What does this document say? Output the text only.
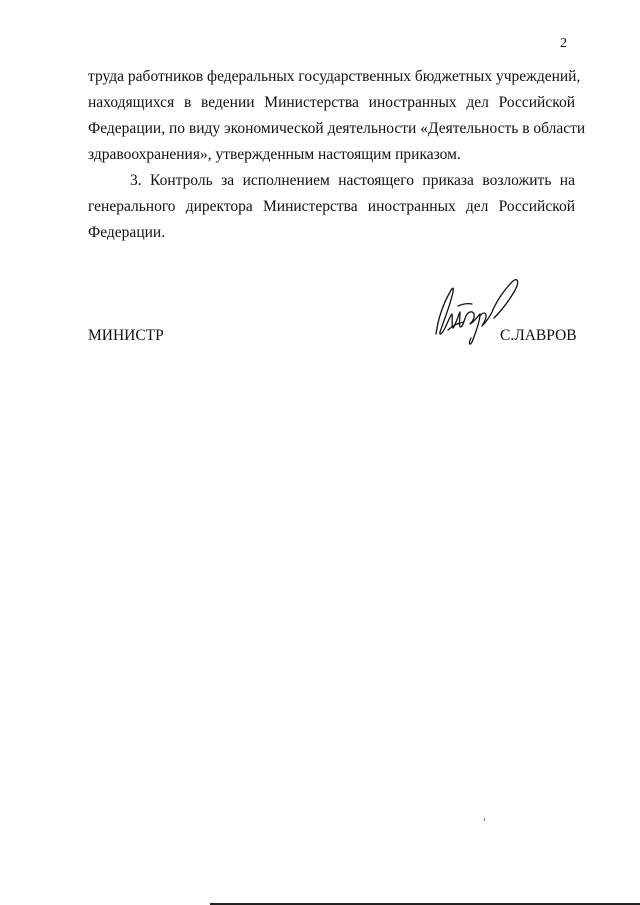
2
труда работников федеральных государственных бюджетных учреждений,
находящихся в ведении Министерства иностранных дел Российской
Федерации, по виду экономической деятельности «Деятельность в области
здравоохранения», утвержденным настоящим приказом.
3. Контроль за исполнением настоящего приказа возложить на
генерального директора Министерства иностранных дел Российской
Федерации.
МИНИСТР	С.ЛАВРОВ
